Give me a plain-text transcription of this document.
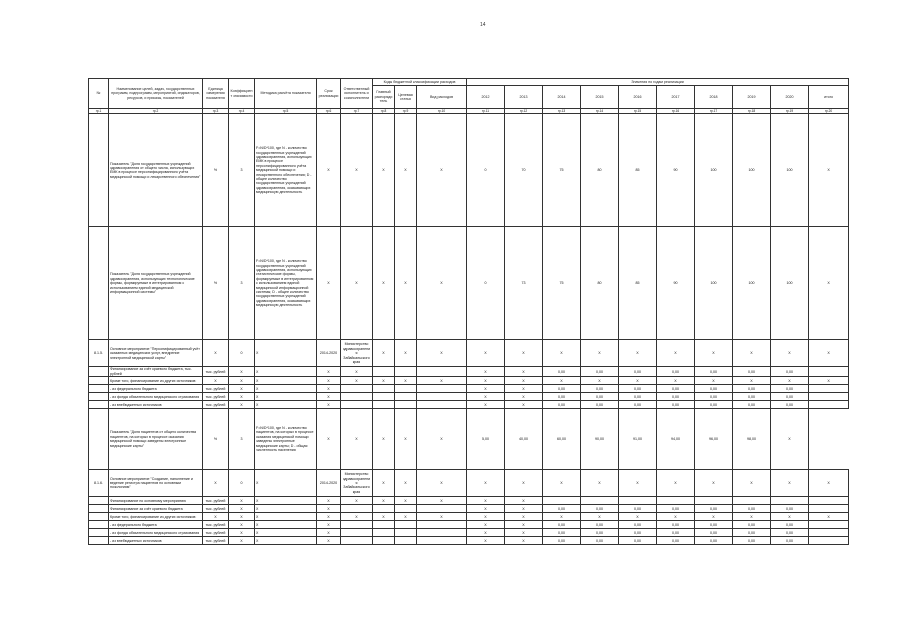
14
№	Наименование целей, задач, государственных программ, подпрограмм, мероприятий, индикаторов, ресурсов, и приказы, показателей	Единица измерения показателя	Коэффициент значимости	Методика расчёта показателя	Срок реализации	Ответственный исполнитель и соисполнители	Коды бюджетной классификации расходов			Значения по годам реализации									
							Главный распорядитель	Целевая статья	Вид расходов	2012	2013	2014	2015	2016	2017	2018	2019	2020	итого
гр.1	гр.2	гр.3	гр.4	гр.5	гр.6	гр.7	гр.8	гр.9	гр.10	гр.11	гр.12	гр.13	гр.14	гр.15	гр.16	гр.17	гр.18	гр.19	гр.20
	Показатель "Доля государственных учреждений здравоохранения от общего числа, использующих ЕМК в процессе персонифицированного учёта медицинской помощи и лекарственного обеспечения"	%	3	F=N/D*100, где N - количество государственных учреждений здравоохранения, использующих ЕМК в процессе персонифицированного учёта медицинской помощи и лекарственного обеспечения; D - общее количество государственных учреждений здравоохранения, оказывающих медицинскую деятельность	X	X	X	X	X	0	70	75	80	85	90	100	100	100	X
	Показатель "Доля государственных учреждений здравоохранения, использующих технологические формы, формируемые в интегрированном с использованием единой медицинской информационной системы"	%	3	F=N/D*100, где N - количество государственных учреждений здравоохранения, использующих статистические формы, формируемые в интегрированном с использованием единой медицинской информационной системы; D - общее количество государственных учреждений здравоохранения, оказывающих медицинскую деятельность	X	X	X	X	X	0	73	75	80	85	90	100	100	100	X
8.1.5.	Основное мероприятие "Персонифицированный учёт оказанных медицинских услуг, внедрение электронной медицинской карты"	X	0	X	2014-2020	Министерство здравоохранения Забайкальского края	X	X	X	X	X	X	X	X	X	X	X	X	X
	Финансирование за счёт краевого бюджета, тыс. рублей	тыс. рублей	X	X	X	X				X	X	0,00	0,00	0,00	0,00	0,00	0,00	0,00	
	Кроме того, финансирование из других источников:	X	X	X	X	X	X	X	X	X	X	X	X	X	X	X	X	X	X
	- из федерального бюджета	тыс. рублей	X	X	X					X	X	0,00	0,00	0,00	0,00	0,00	0,00	0,00	
	- из фонда обязательного медицинского страхования	тыс. рублей	X	X	X					X	X	0,00	0,00	0,00	0,00	0,00	0,00	0,00	
	- из внебюджетных источников	тыс. рублей	X	X	X					X	X	0,00	0,00	0,00	0,00	0,00	0,00	0,00	
	Показатель "Доля пациентов от общего количества пациентов, на которых в процессе оказания медицинской помощи заведены электронные медицинские карты"	%	3	F=N/D*100, где N - количество пациентов, на которых в процессе оказания медицинской помощи заведены электронные медицинские карты; D - общая численность населения	X	X	X	X	X	5,00	40,00	60,00	90,00	91,00	94,00	96,00	98,00	X	
8.1.6.	Основное мероприятие "Создание, наполнение и ведение регистра пациентов по основным нозологиям"	X	0	X	2014-2020	Министерство здравоохранения Забайкальского края	X	X	X	X	X	X	X	X	X	X	X	X	X
	Финансирование по основному мероприятию	тыс. рублей	X	X	X	X	X	X	X	X	X								
	Финансирование за счёт краевого бюджета	тыс. рублей	X	X	X					X	X	0,00	0,00	0,00	0,00	0,00	0,00	0,00	
	Кроме того, финансирование из других источников:	X	X	X	X	X	X	X	X	X	X	X	X	X	X	X	X	X	X
	- из федерального бюджета	тыс. рублей	X	X	X					X	X	0,00	0,00	0,00	0,00	0,00	0,00	0,00	
	- из фонда обязательного медицинского страхования	тыс. рублей	X	X	X					X	X	0,00	0,00	0,00	0,00	0,00	0,00	0,00	
	- из внебюджетных источников	тыс. рублей	X	X	X					X	X	0,00	0,00	0,00	0,00	0,00	0,00	0,00	
